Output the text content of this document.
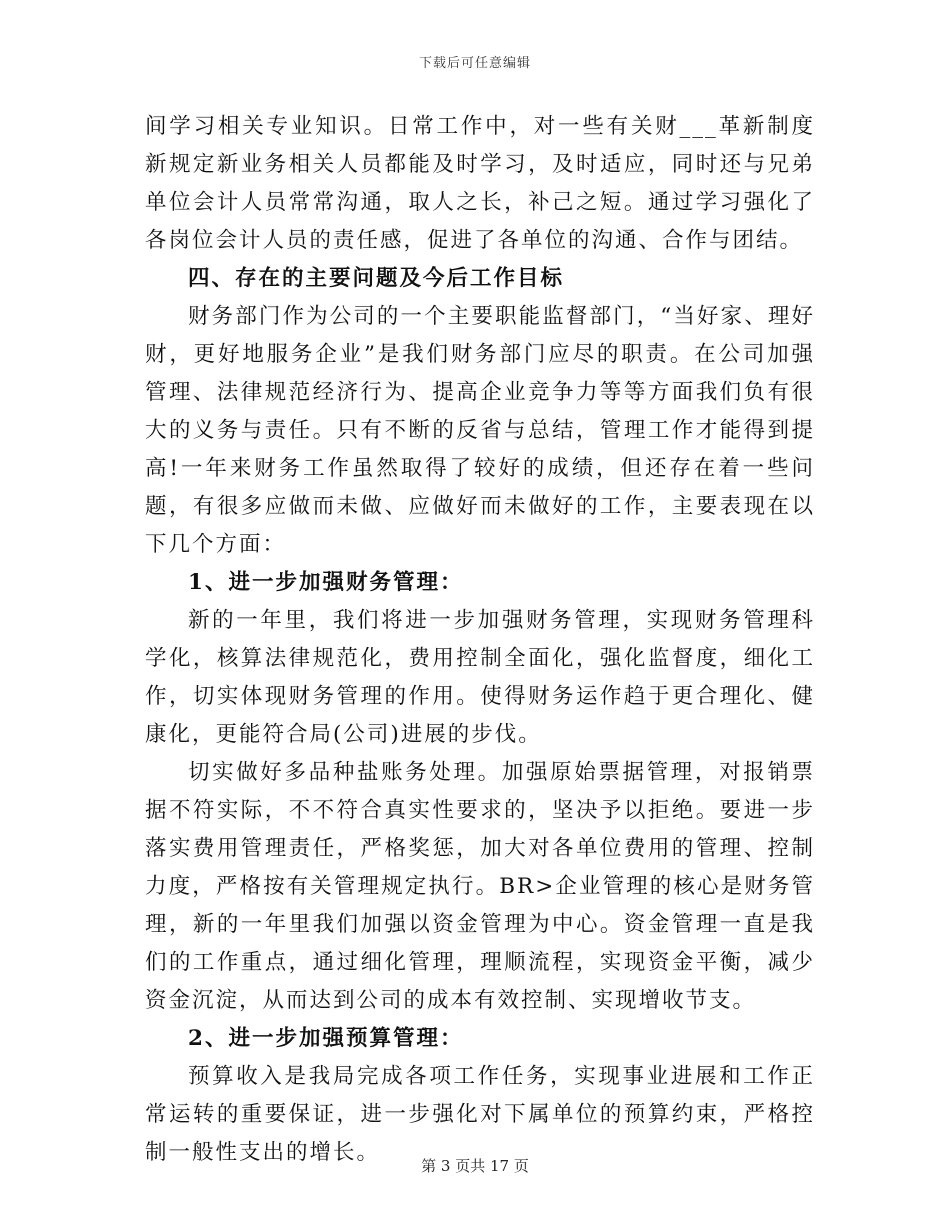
下载后可任意编辑

间学习相关专业知识。日常工作中，对一些有关财___革新制度新规定新业务相关人员都能及时学习，及时适应，同时还与兄弟单位会计人员常常沟通，取人之长，补己之短。通过学习强化了各岗位会计人员的责任感，促进了各单位的沟通、合作与团结。

四、存在的主要问题及今后工作目标

财务部门作为公司的一个主要职能监督部门，“当好家、理好财，更好地服务企业”是我们财务部门应尽的职责。在公司加强管理、法律规范经济行为、提高企业竞争力等等方面我们负有很大的义务与责任。只有不断的反省与总结，管理工作才能得到提高!一年来财务工作虽然取得了较好的成绩，但还存在着一些问题，有很多应做而未做、应做好而未做好的工作，主要表现在以下几个方面：

1、进一步加强财务管理：

新的一年里，我们将进一步加强财务管理，实现财务管理科学化，核算法律规范化，费用控制全面化，强化监督度，细化工作，切实体现财务管理的作用。使得财务运作趋于更合理化、健康化，更能符合局(公司)进展的步伐。

切实做好多品种盐账务处理。加强原始票据管理，对报销票据不符实际，不不符合真实性要求的，坚决予以拒绝。要进一步落实费用管理责任，严格奖惩，加大对各单位费用的管理、控制力度，严格按有关管理规定执行。BR>企业管理的核心是财务管理，新的一年里我们加强以资金管理为中心。资金管理一直是我们的工作重点，通过细化管理，理顺流程，实现资金平衡，减少资金沉淀，从而达到公司的成本有效控制、实现增收节支。

2、进一步加强预算管理：

预算收入是我局完成各项工作任务，实现事业进展和工作正常运转的重要保证，进一步强化对下属单位的预算约束，严格控制一般性支出的增长。

第 3 页共 17 页
